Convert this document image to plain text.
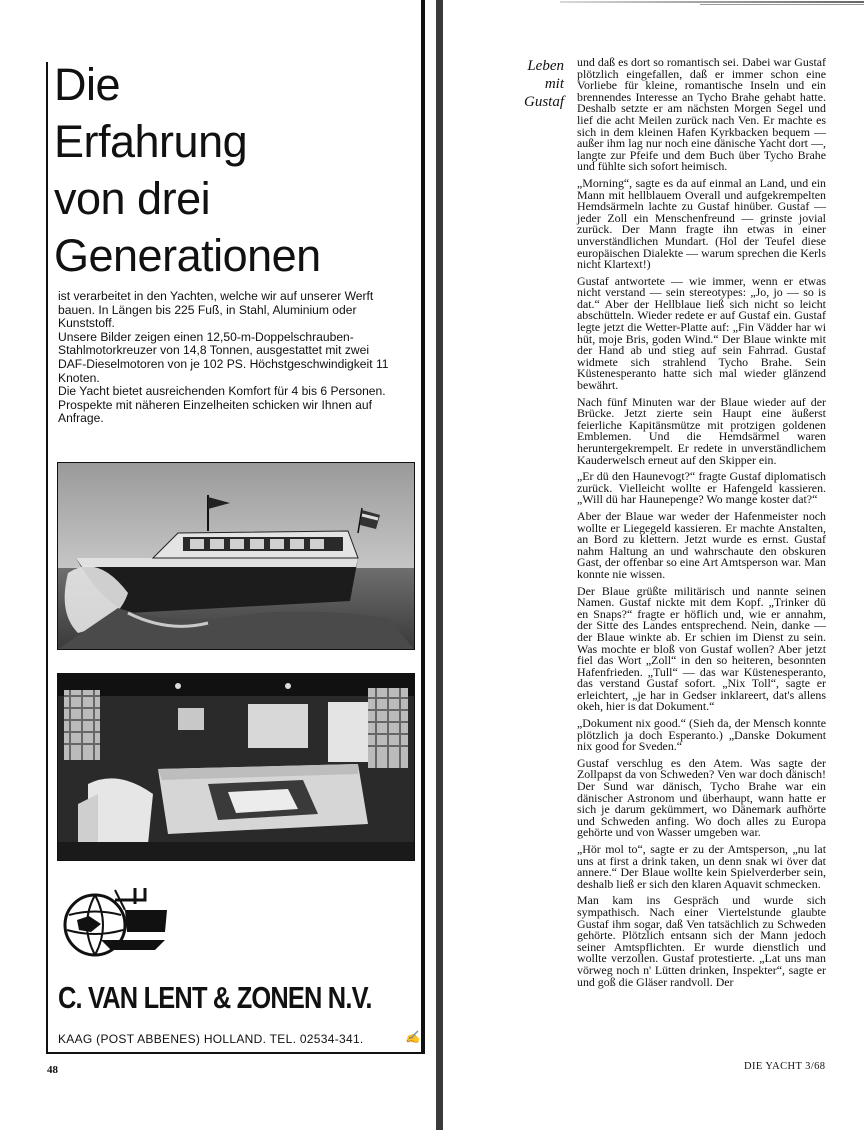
Die
Erfahrung
von drei
Generationen

ist verarbeitet in den Yachten, welche wir auf unserer Werft bauen. In Längen bis 225 Fuß, in Stahl, Aluminium oder Kunststoff.

Unsere Bilder zeigen einen 12,50-m-Doppelschrauben-Stahlmotorkreuzer von 14,8 Tonnen, ausgestattet mit zwei DAF-Dieselmotoren von je 102 PS. Höchstgeschwindigkeit 11 Knoten.

Die Yacht bietet ausreichenden Komfort für 4 bis 6 Personen.

Prospekte mit näheren Einzelheiten schicken wir Ihnen auf Anfrage.

C. VAN LENT & ZONEN N.V.
KAAG (POST ABBENES) HOLLAND. TEL. 02534-341.	✍
48	DIE YACHT 3/68
Leben
mit
Gustaf

und daß es dort so romantisch sei. Dabei war Gustaf plötzlich eingefallen, daß er immer schon eine Vorliebe für kleine, romantische Inseln und ein brennendes Interesse an Tycho Brahe gehabt hatte. Deshalb setzte er am nächsten Morgen Segel und lief die acht Meilen zurück nach Ven. Er machte es sich in dem kleinen Hafen Kyrkbacken bequem — außer ihm lag nur noch eine dänische Yacht dort —, langte zur Pfeife und dem Buch über Tycho Brahe und fühlte sich sofort heimisch.

„Morning“, sagte es da auf einmal an Land, und ein Mann mit hellblauem Overall und aufgekrempelten Hemdsärmeln lachte zu Gustaf hinüber. Gustaf — jeder Zoll ein Menschenfreund — grinste jovial zurück. Der Mann fragte ihn etwas in einer unverständlichen Mundart. (Hol der Teufel diese europäischen Dialekte — warum sprechen die Kerls nicht Klartext!)

Gustaf antwortete — wie immer, wenn er etwas nicht verstand — sein stereotypes: „Jo, jo — so is dat.“ Aber der Hellblaue ließ sich nicht so leicht abschütteln. Wieder redete er auf Gustaf ein. Gustaf legte jetzt die Wetter-Platte auf: „Fin Vädder har wi hüt, moje Bris, goden Wind.“ Der Blaue winkte mit der Hand ab und stieg auf sein Fahrrad. Gustaf widmete sich strahlend Tycho Brahe. Sein Küstenesperanto hatte sich mal wieder glänzend bewährt.

Nach fünf Minuten war der Blaue wieder auf der Brücke. Jetzt zierte sein Haupt eine äußerst feierliche Kapitänsmütze mit protzigen goldenen Emblemen. Und die Hemdsärmel waren heruntergekrempelt. Er redete in unverständlichem Kauderwelsch erneut auf den Skipper ein.

„Er dü den Haunevogt?“ fragte Gustaf diplomatisch zurück. Vielleicht wollte er Hafengeld kassieren. „Will dü har Haunepenge? Wo mange koster dat?“

Aber der Blaue war weder der Hafenmeister noch wollte er Liegegeld kassieren. Er machte Anstalten, an Bord zu klettern. Jetzt wurde es ernst. Gustaf nahm Haltung an und wahrschaute den obskuren Gast, der offenbar so eine Art Amtsperson war. Man konnte nie wissen.

Der Blaue grüßte militärisch und nannte seinen Namen. Gustaf nickte mit dem Kopf. „Trinker dü en Snaps?“ fragte er höflich und, wie er annahm, der Sitte des Landes entsprechend. Nein, danke — der Blaue winkte ab. Er schien im Dienst zu sein. Was mochte er bloß von Gustaf wollen? Aber jetzt fiel das Wort „Zoll“ in den so heiteren, besonnten Hafenfrieden. „Tull“ — das war Küstenesperanto, das verstand Gustaf sofort. „Nix Toll“, sagte er erleichtert, „je har in Gedser inklareert, dat's allens okeh, hier is dat Dokument.“

„Dokument nix good.“ (Sieh da, der Mensch konnte plötzlich ja doch Esperanto.) „Danske Dokument nix good for Sveden.“

Gustaf verschlug es den Atem. Was sagte der Zollpapst da von Schweden? Ven war doch dänisch! Der Sund war dänisch, Tycho Brahe war ein dänischer Astronom und überhaupt, wann hatte er sich je darum gekümmert, wo Dänemark aufhörte und Schweden anfing. Wo doch alles zu Europa gehörte und von Wasser umgeben war.

„Hör mol to“, sagte er zu der Amtsperson, „nu lat uns at first a drink taken, un denn snak wi över dat annere.“ Der Blaue wollte kein Spielverderber sein, deshalb ließ er sich den klaren Aquavit schmecken.

Man kam ins Gespräch und wurde sich sympathisch. Nach einer Viertelstunde glaubte Gustaf ihm sogar, daß Ven tatsächlich zu Schweden gehörte. Plötzlich entsann sich der Mann jedoch seiner Amtspflichten. Er wurde dienstlich und wollte verzollen. Gustaf protestierte. „Lat uns man vörweg noch n' Lütten drinken, Inspekter“, sagte er und goß die Gläser randvoll. Der
